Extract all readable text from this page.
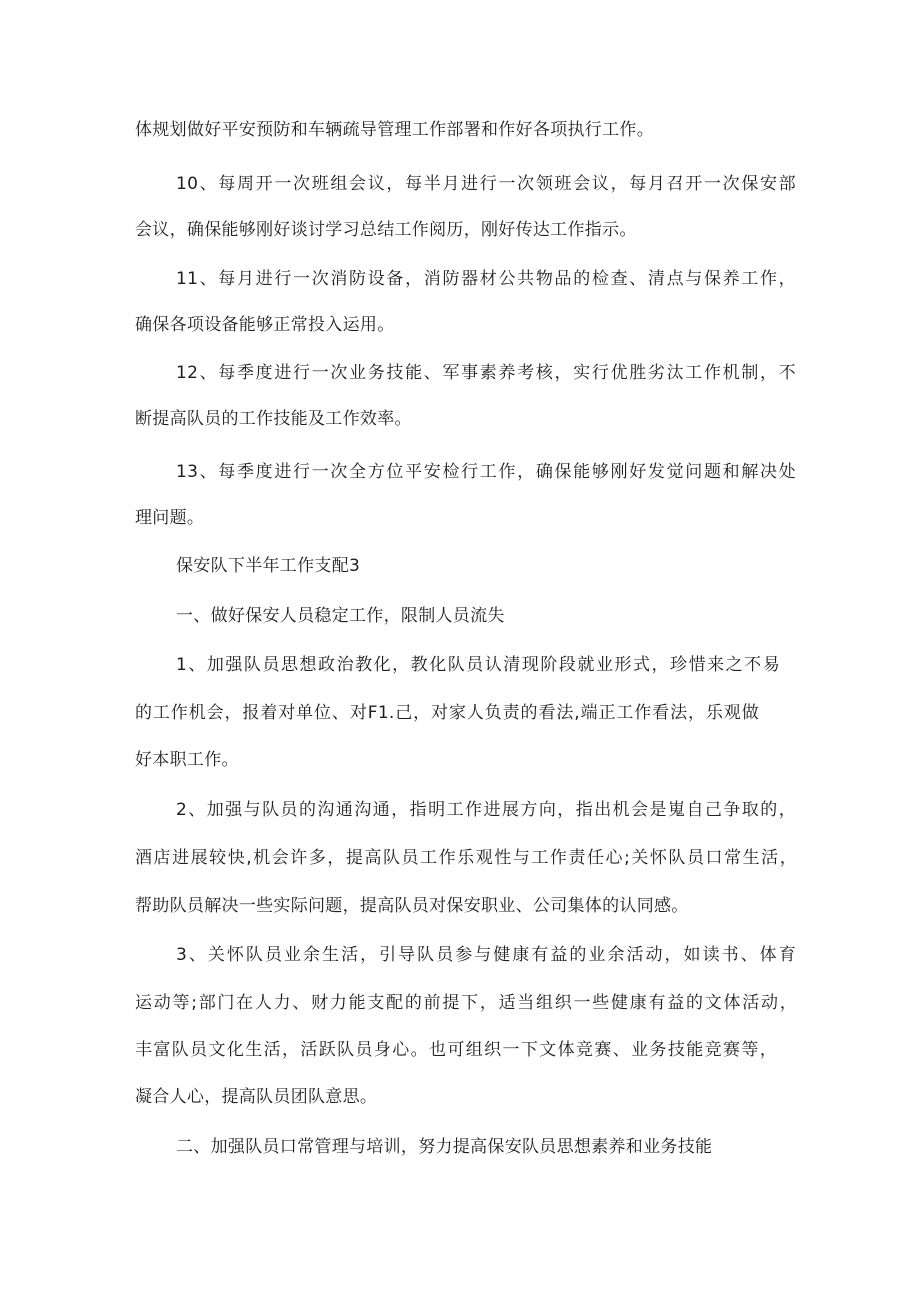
体规划做好平安预防和车辆疏导管理工作部署和作好各项执行工作。
10、每周开一次班组会议，每半月进行一次领班会议，每月召开一次保安部
会议，确保能够刚好谈讨学习总结工作阅历，刚好传达工作指示。
11、每月进行一次消防设备，消防器材公共物品的检查、清点与保养工作，
确保各项设备能够正常投入运用。
12、每季度进行一次业务技能、军事素养考核，实行优胜劣汰工作机制，不
断提高队员的工作技能及工作效率。
13、每季度进行一次全方位平安检行工作，确保能够刚好发觉问题和解决处
理问题。
保安队下半年工作支配3
一、做好保安人员稳定工作，限制人员流失
1、加强队员思想政治教化，教化队员认清现阶段就业形式，珍惜来之不易
的工作机会，报着对单位、对F1.己，对家人负责的看法,端正工作看法，乐观做
好本职工作。
2、加强与队员的沟通沟通，指明工作进展方向，指出机会是嵬自己争取的，
酒店进展较快,机会许多，提高队员工作乐观性与工作责任心;关怀队员口常生活，
帮助队员解决一些实际问题，提高队员对保安职业、公司集体的认同感。
3、关怀队员业余生活，引导队员参与健康有益的业余活动，如读书、体育
运动等;部门在人力、财力能支配的前提下，适当组织一些健康有益的文体活动，
丰富队员文化生活，活跃队员身心。也可组织一下文体竞赛、业务技能竞赛等，
凝合人心，提高队员团队意思。
二、加强队员口常管理与培训，努力提高保安队员思想素养和业务技能
